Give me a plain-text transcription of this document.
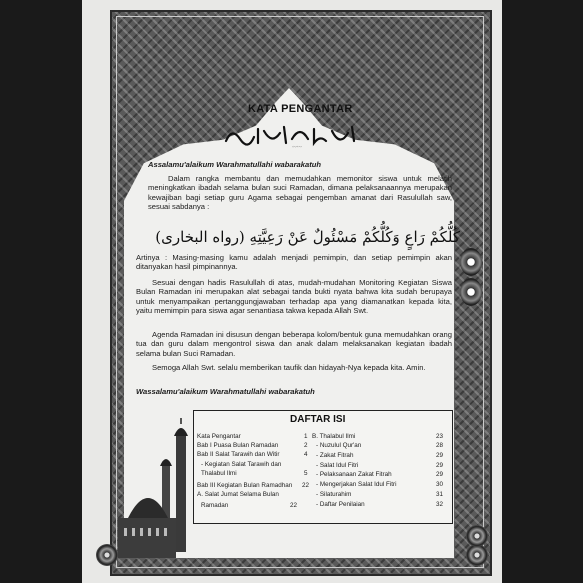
KATA PENGANTAR
بِسْمِ اللهِ الرَّحْمٰنِ الرَّحِيْمِ
Assalamu'alaikum Warahmatullahi wabarakatuh
Dalam rangka membantu dan memudahkan memonitor siswa untuk melatih meningkatkan ibadah selama bulan suci Ramadan, dimana pelaksanaannya merupakan kewajiban bagi setiap guru Agama sebagai pengemban amanat dari Rasulullah saw, sesuai sabdanya :
كُلُّكُمْ رَاعٍ وَكُلُّكُمْ مَسْئُولٌ عَنْ رَعِيَّتِهِ (رواه البخارى)
Artinya : Masing-masing kamu adalah menjadi pemimpin, dan setiap pemimpin akan ditanyakan hasil pimpinannya.
Sesuai dengan hadis Rasulullah di atas, mudah-mudahan Monitoring Kegiatan Siswa Bulan Ramadan ini merupakan alat sebagai tanda bukti nyata bahwa kita sudah berupaya untuk menyampaikan pertanggungjawaban terhadap apa yang diamanatkan kepada kita, yaitu memimpin para siswa agar senantiasa takwa kepada Allah Swt.
Agenda Ramadan ini disusun dengan beberapa kolom/bentuk guna memudahkan orang tua dan guru dalam mengontrol siswa dan anak dalam melaksanakan kegiatan ibadah selama bulan Suci Ramadan.
Semoga Allah Swt. selalu memberikan taufik dan hidayah-Nya kepada kita. Amin.
Wassalamu'alaikum Warahmatullahi wabarakatuh
DAFTAR ISI
Kata Pengantar	1
Bab I Puasa Bulan Ramadan	2
Bab II Salat Tarawih dan Witir	4
- Kegiatan Salat Tarawih dan
Thalabul Ilmi	5
Bab III Kegiatan Bulan Ramadhan 22
A. Salat Jumat Selama Bulan
Ramadan	22
B. Thalabul Ilmi	23
- Nuzulul Qur'an	28
- Zakat Fitrah	29
- Salat Idul Fitri	29
- Pelaksanaan Zakat Fitrah	29
- Mengerjakan Salat Idul Fitri	30
- Silaturahim	31
- Daftar Penilaian	32
